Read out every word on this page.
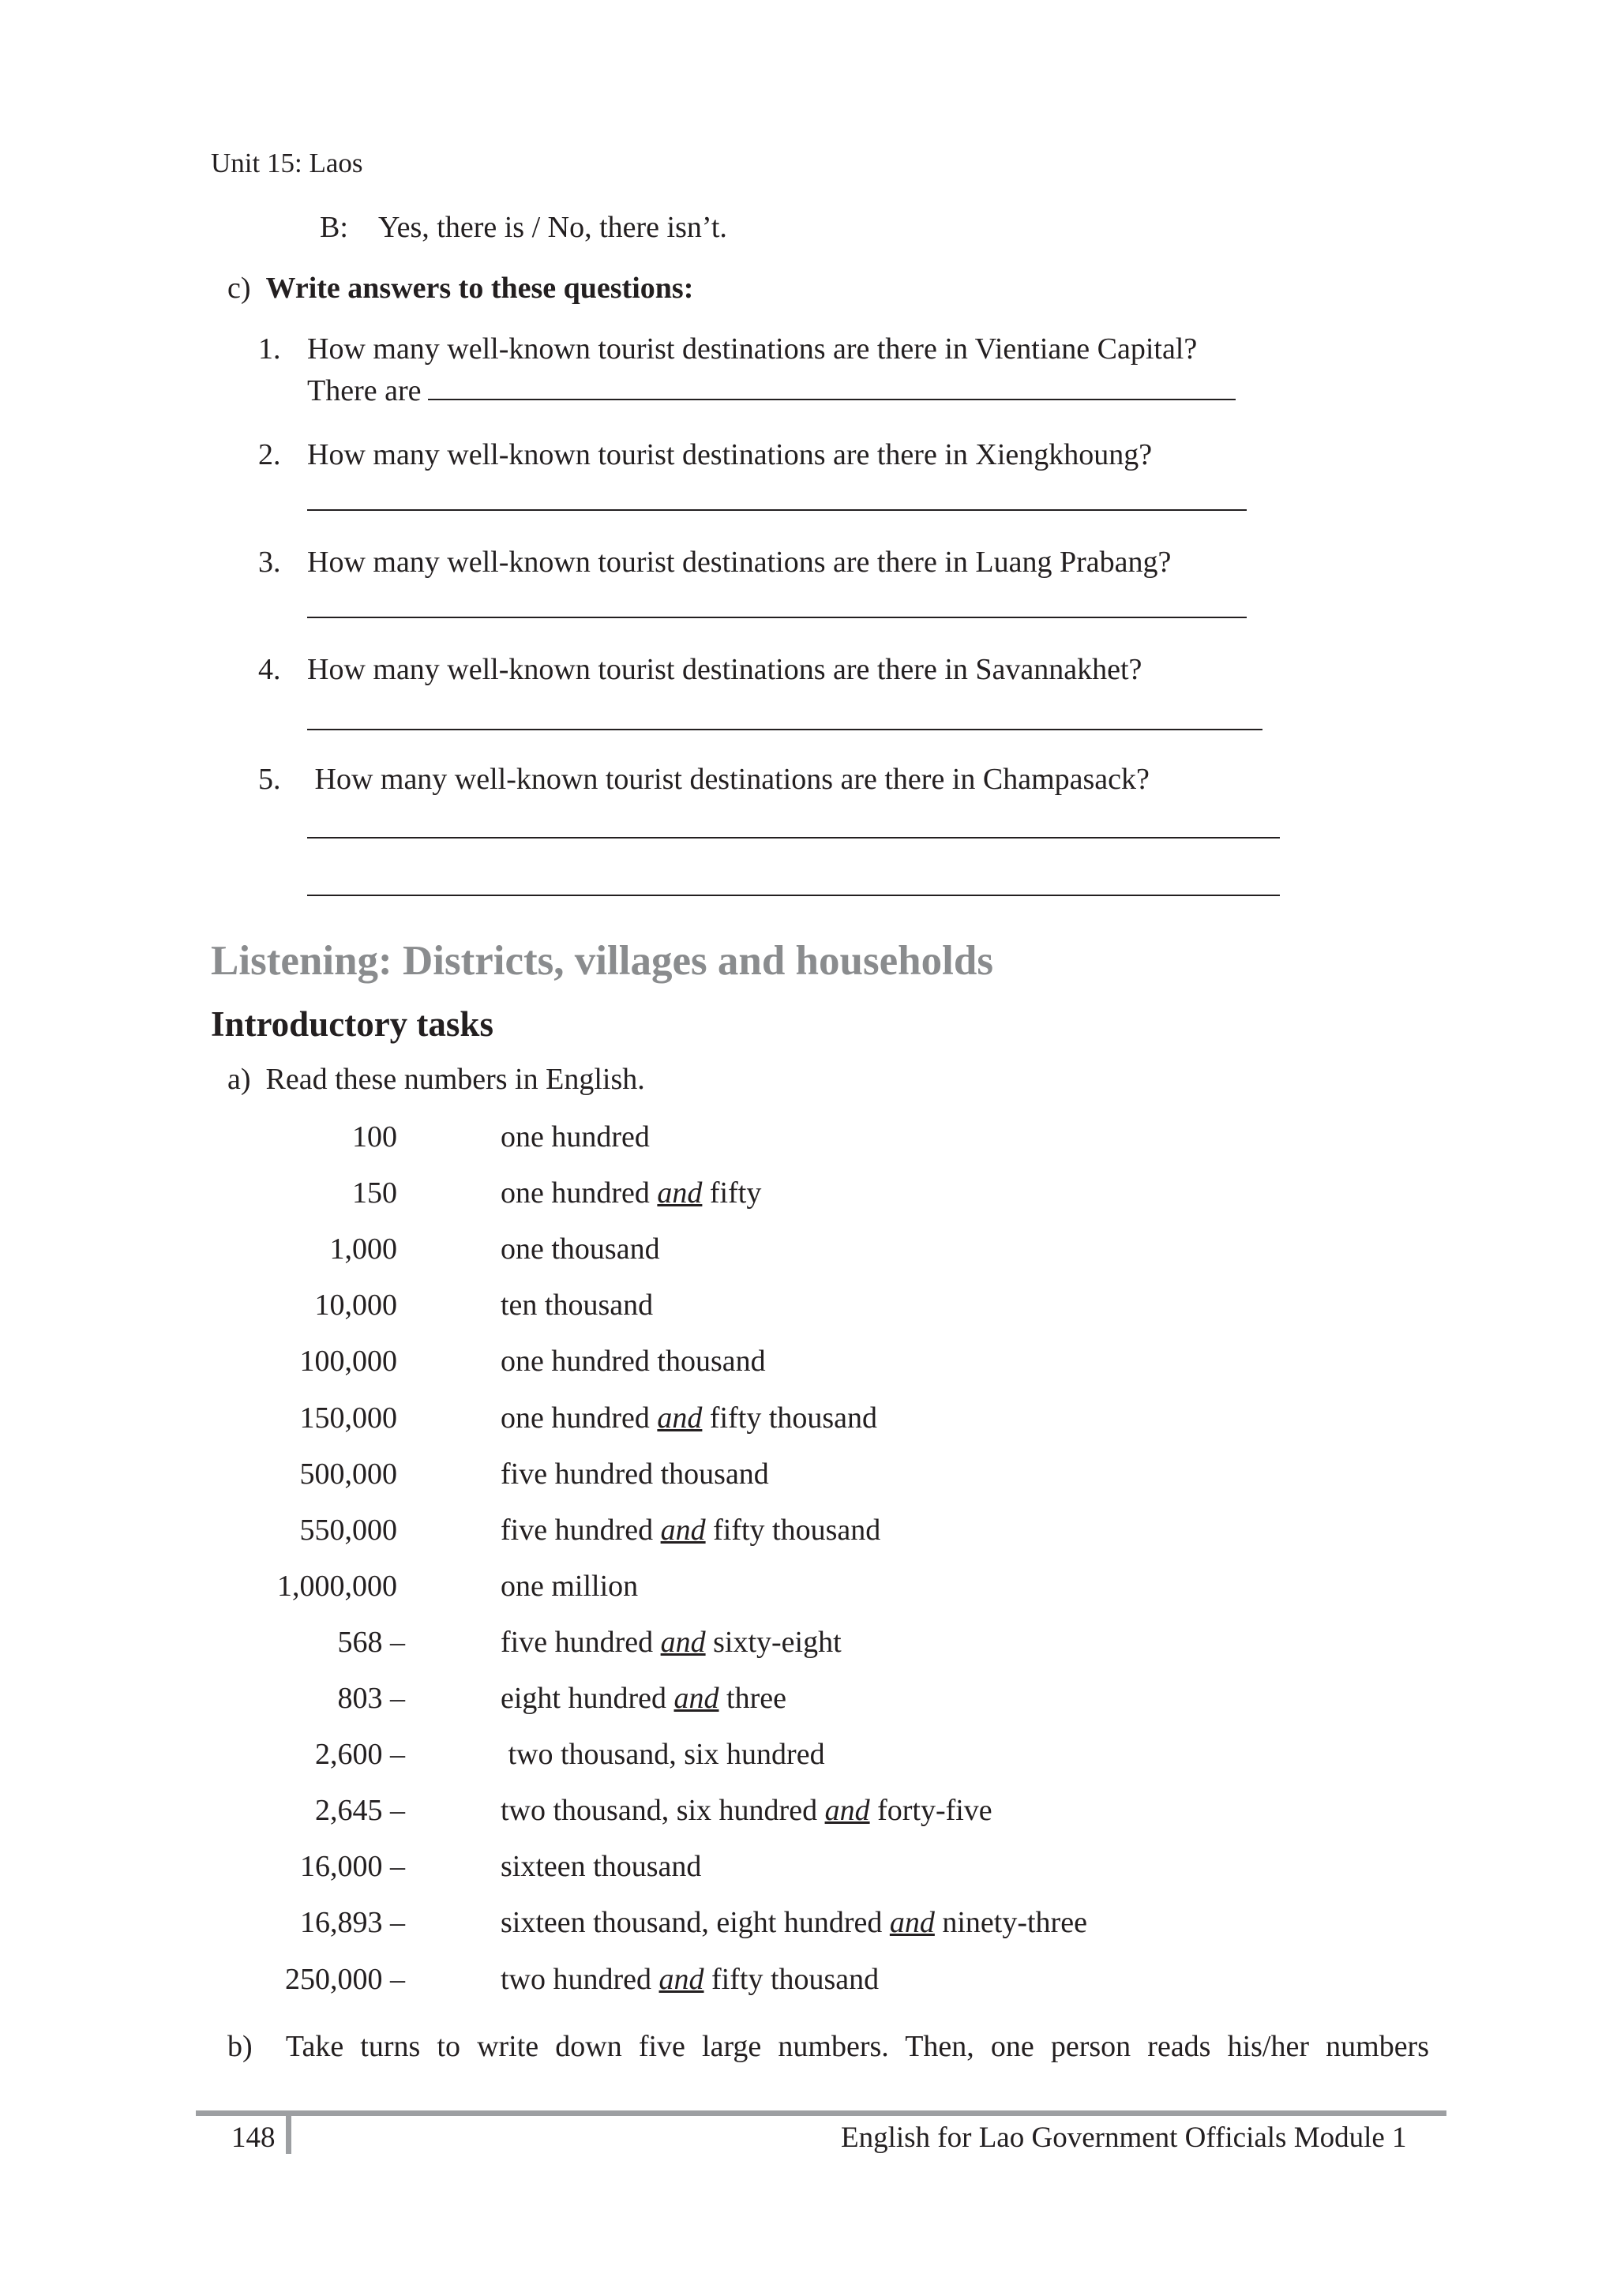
Unit 15: Laos
B: Yes, there is / No, there isn’t.
c) Write answers to these questions:
1. How many well-known tourist destinations are there in Vientiane Capital?
There are
2. How many well-known tourist destinations are there in Xiengkhoung?
3. How many well-known tourist destinations are there in Luang Prabang?
4. How many well-known tourist destinations are there in Savannakhet?
5. How many well-known tourist destinations are there in Champasack?
Listening: Districts, villages and households
Introductory tasks
a) Read these numbers in English.
100	one hundred
150	one hundred and fifty
1,000	one thousand
10,000	ten thousand
100,000	one hundred thousand
150,000	one hundred and fifty thousand
500,000	five hundred thousand
550,000	five hundred and fifty thousand
1,000,000	one million
568 –	five hundred and sixty-eight
803 –	eight hundred and three
2,600 –	two thousand, six hundred
2,645 –	two thousand, six hundred and forty-five
16,000 –	sixteen thousand
16,893 –	sixteen thousand, eight hundred and ninety-three
250,000 –	two hundred and fifty thousand
b) Take turns to write down five large numbers. Then, one person reads his/her numbers
148	English for Lao Government Officials Module 1
